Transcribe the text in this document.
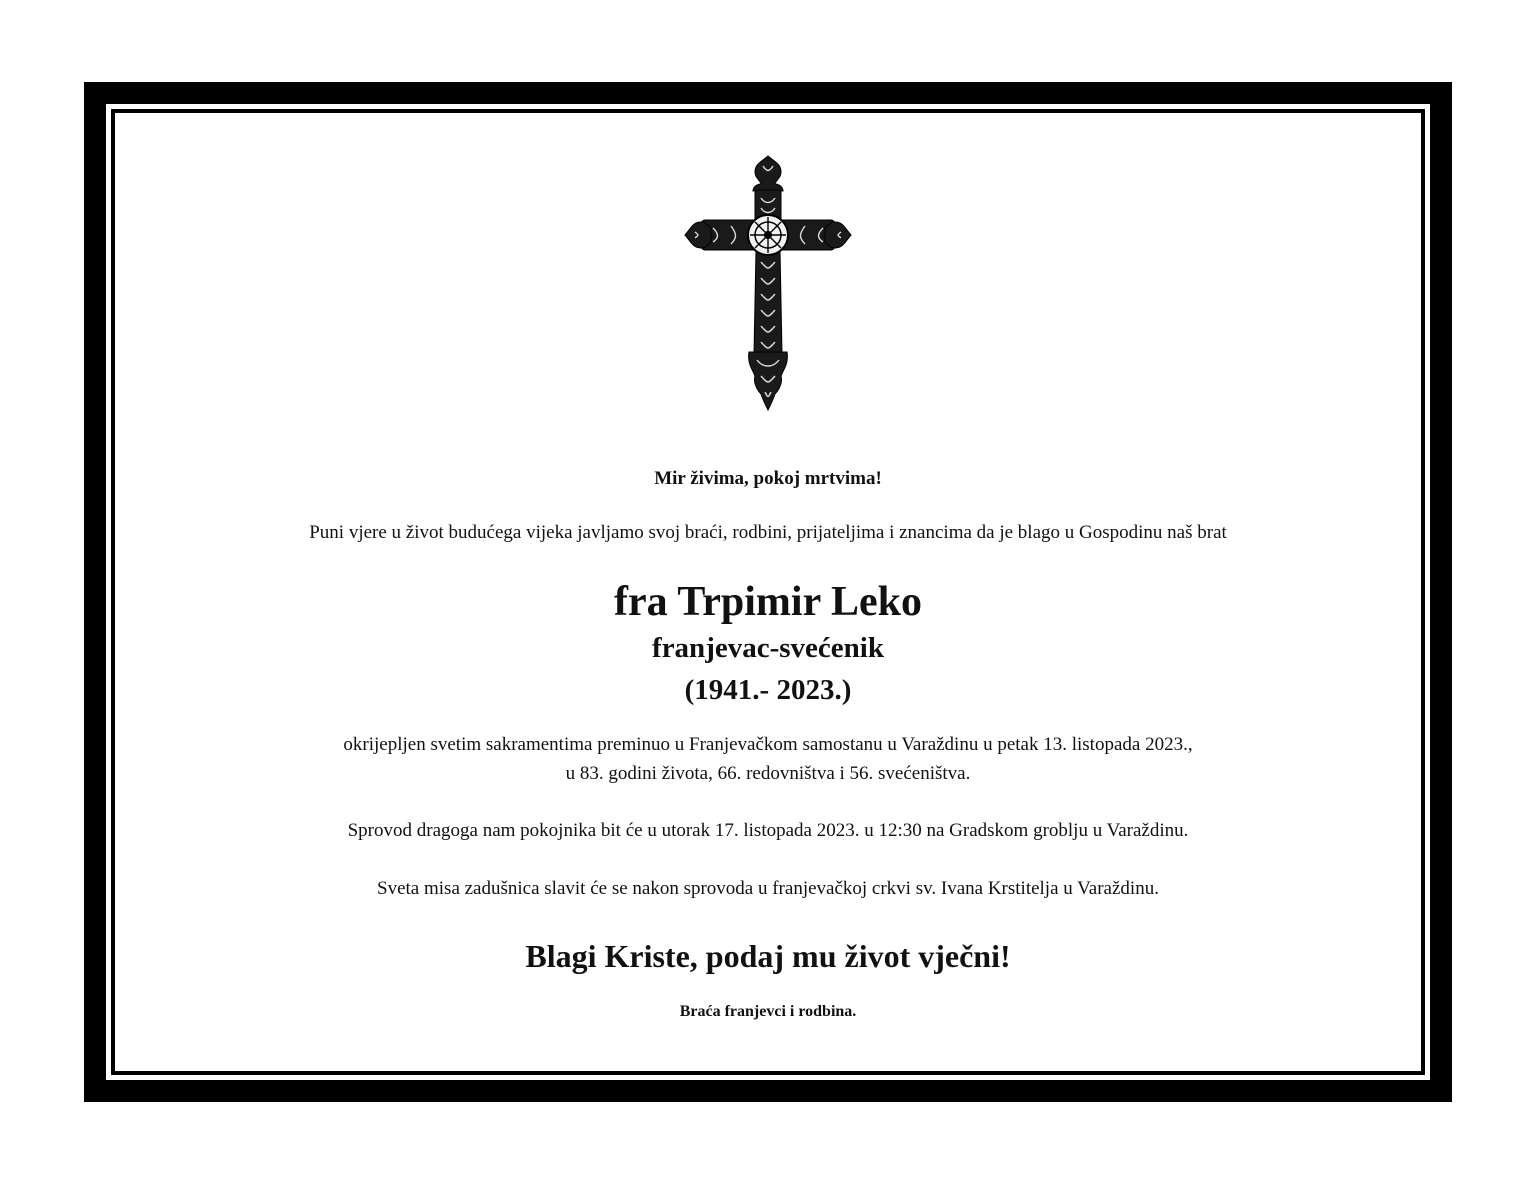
Mir živima, pokoj mrtvima!

Puni vjere u život budućega vijeka javljamo svoj braći, rodbini, prijateljima i znancima da je blago u Gospodinu naš brat

fra Trpimir Leko

franjevac-svećenik

(1941.- 2023.)

okrijepljen svetim sakramentima preminuo u Franjevačkom samostanu u Varaždinu u petak 13. listopada 2023.,

u 83. godini života, 66. redovništva i 56. svećeništva.

Sprovod dragoga nam pokojnika bit će u utorak 17. listopada 2023. u 12:30 na Gradskom groblju u Varaždinu.

Sveta misa zadušnica slavit će se nakon sprovoda u franjevačkoj crkvi sv. Ivana Krstitelja u Varaždinu.

Blagi Kriste, podaj mu život vječni!

Braća franjevci i rodbina.
